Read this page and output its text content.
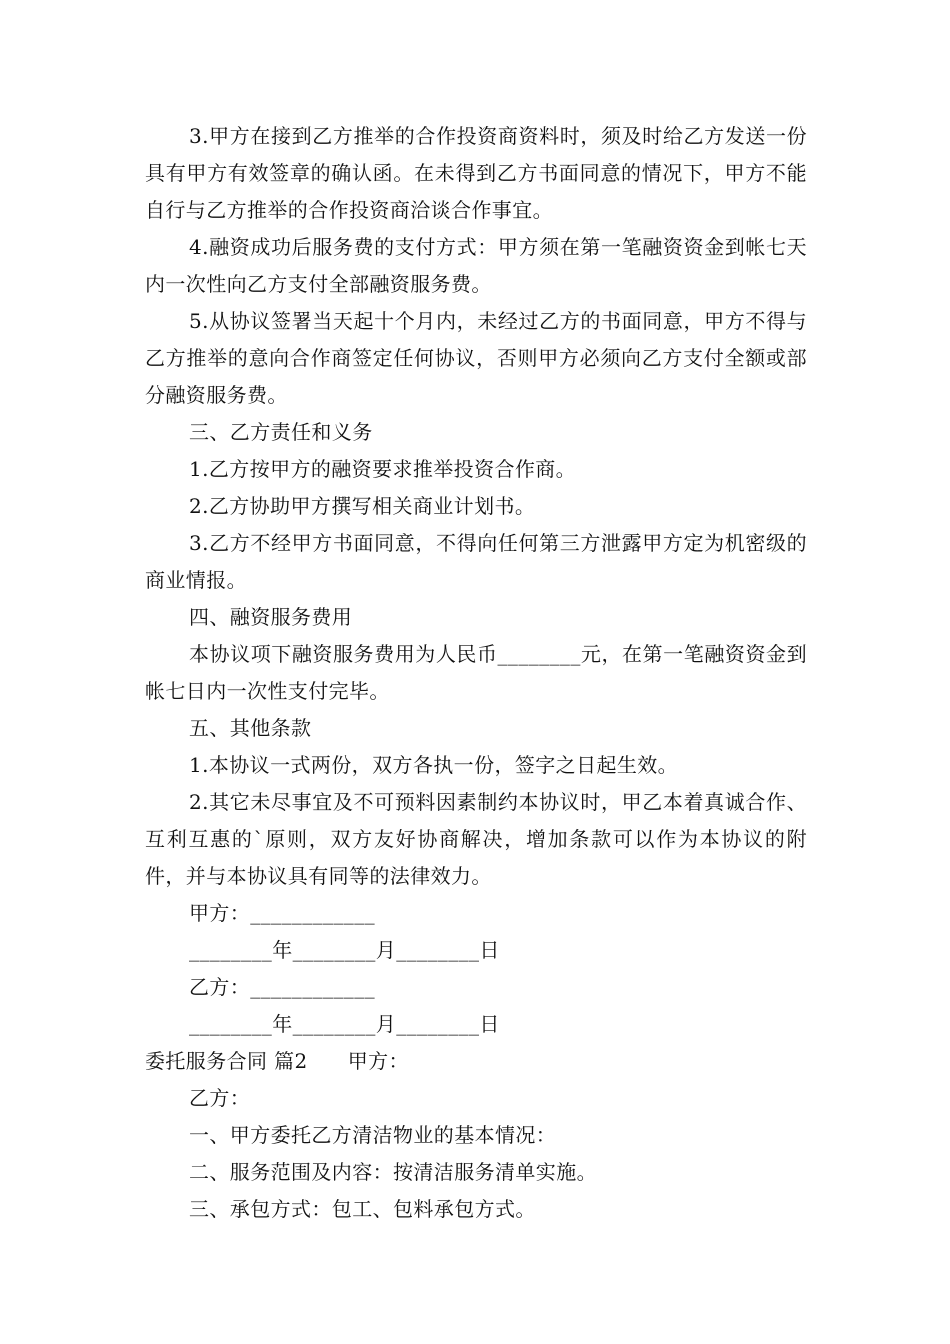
3.甲方在接到乙方推举的合作投资商资料时，须及时给乙方发送一份具有甲方有效签章的确认函。在未得到乙方书面同意的情况下，甲方不能自行与乙方推举的合作投资商洽谈合作事宜。

4.融资成功后服务费的支付方式：甲方须在第一笔融资资金到帐七天内一次性向乙方支付全部融资服务费。

5.从协议签署当天起十个月内，未经过乙方的书面同意，甲方不得与乙方推举的意向合作商签定任何协议，否则甲方必须向乙方支付全额或部分融资服务费。

三、乙方责任和义务

1.乙方按甲方的融资要求推举投资合作商。

2.乙方协助甲方撰写相关商业计划书。

3.乙方不经甲方书面同意，不得向任何第三方泄露甲方定为机密级的商业情报。

四、融资服务费用

本协议项下融资服务费用为人民币________元，在第一笔融资资金到帐七日内一次性支付完毕。

五、其他条款

1.本协议一式两份，双方各执一份，签字之日起生效。

2.其它未尽事宜及不可预料因素制约本协议时，甲乙本着真诚合作、互利互惠的`原则，双方友好协商解决，增加条款可以作为本协议的附件，并与本协议具有同等的法律效力。

甲方：____________

________年________月________日

乙方：____________

________年________月________日

委托服务合同 篇2 甲方：

乙方：

一、甲方委托乙方清洁物业的基本情况：

二、服务范围及内容：按清洁服务清单实施。

三、承包方式：包工、包料承包方式。
